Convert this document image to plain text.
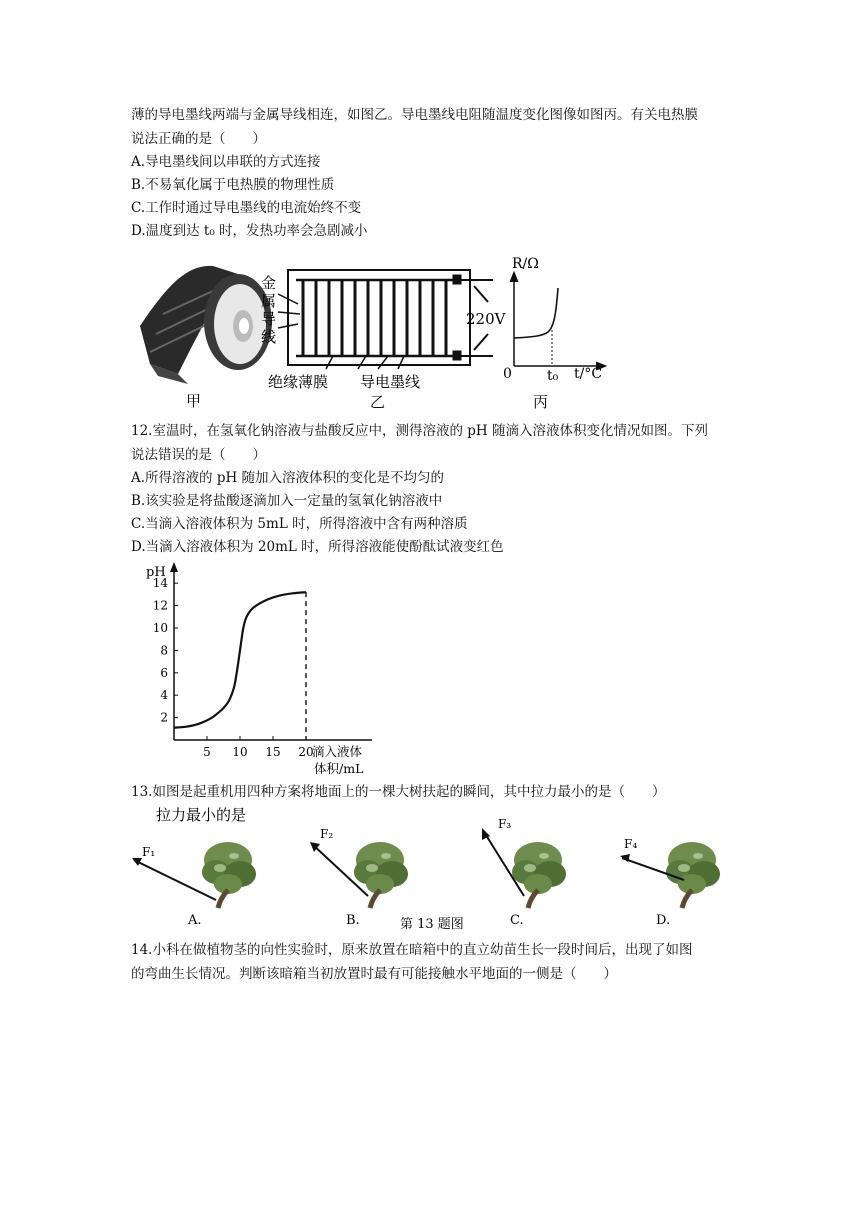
薄的导电墨线两端与金属导线相连，如图乙。导电墨线电阻随温度变化图像如图丙。有关电热膜
说法正确的是（　　）
A.导电墨线间以串联的方式连接
B.不易氧化属于电热膜的物理性质
C.工作时通过导电墨线的电流始终不变
D.温度到达 t₀ 时，发热功率会急剧减小
甲
金
属
导
线
220V
绝缘薄膜 导电墨线
乙
R/Ω
0	t₀ t/°C
丙
12.室温时，在氢氧化钠溶液与盐酸反应中，测得溶液的 pH 随滴入溶液体积变化情况如图。下列
说法错误的是（　　）
A.所得溶液的 pH 随加入溶液体积的变化是不均匀的
B.该实验是将盐酸逐滴加入一定量的氢氧化钠溶液中
C.当滴入溶液体积为 5mL 时，所得溶液中含有两种溶质
D.当滴入溶液体积为 20mL 时，所得溶液能使酚酞试液变红色
pH
滴入液体
体积/mL
2
4
6
8
10
12
14
5 10 15 20
13.如图是起重机用四种方案将地面上的一棵大树扶起的瞬间，其中拉力最小的是（　　）
拉力最小的是
F₁
A.
F₂
B.	第 13 题图
F₃
C.
F₄
D.
14.小科在做植物茎的向性实验时，原来放置在暗箱中的直立幼苗生长一段时间后，出现了如图
的弯曲生长情况。判断该暗箱当初放置时最有可能接触水平地面的一侧是（　　）
